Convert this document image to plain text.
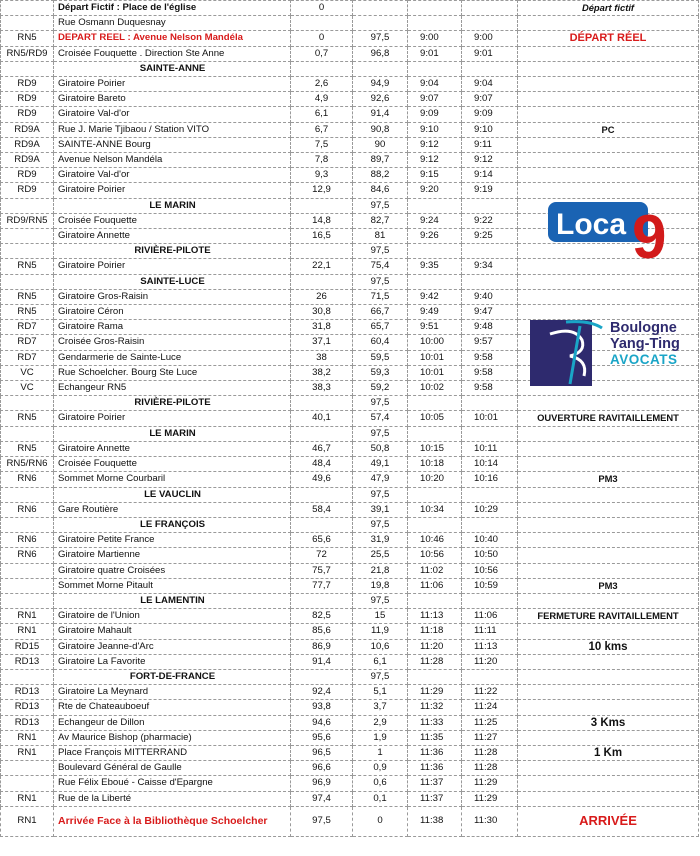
	Départ Fictif : Place de l'église	0				Départ fictif
	Rue Osmann Duquesnay					
RN5	DEPART REEL : Avenue Nelson Mandéla	0	97,5	9:00	9:00	DÉPART RÉEL
RN5/RD9	Croisée Fouquette . Direction Ste Anne	0,7	96,8	9:01	9:01	
	SAINTE-ANNE					
RD9	Giratoire Poirier	2,6	94,9	9:04	9:04	
RD9	Giratoire Bareto	4,9	92,6	9:07	9:07	
RD9	Giratoire Val-d'or	6,1	91,4	9:09	9:09	
RD9A	Rue J. Marie Tjibaou / Station VITO	6,7	90,8	9:10	9:10	PC
RD9A	SAINTE-ANNE Bourg	7,5	90	9:12	9:11	
RD9A	Avenue Nelson Mandéla	7,8	89,7	9:12	9:12	
RD9	Giratoire Val-d'or	9,3	88,2	9:15	9:14	
RD9	Giratoire Poirier	12,9	84,6	9:20	9:19	
	LE MARIN		97,5			
RD9/RN5	Croisée Fouquette	14,8	82,7	9:24	9:22	
	Giratoire Annette	16,5	81	9:26	9:25	
	RIVIÈRE-PILOTE		97,5			
RN5	Giratoire Poirier	22,1	75,4	9:35	9:34	
	SAINTE-LUCE		97,5			
RN5	Giratoire Gros-Raisin	26	71,5	9:42	9:40	
RN5	Giratoire Céron	30,8	66,7	9:49	9:47	
RD7	Giratoire Rama	31,8	65,7	9:51	9:48	
RD7	Croisée Gros-Raisin	37,1	60,4	10:00	9:57	
RD7	Gendarmerie de Sainte-Luce	38	59,5	10:01	9:58	
VC	Rue Schoelcher. Bourg Ste Luce	38,2	59,3	10:01	9:58	
VC	Echangeur RN5	38,3	59,2	10:02	9:58	
	RIVIÈRE-PILOTE		97,5			
RN5	Giratoire Poirier	40,1	57,4	10:05	10:01	OUVERTURE RAVITAILLEMENT
	LE MARIN		97,5			
RN5	Giratoire Annette	46,7	50,8	10:15	10:11	
RN5/RN6	Croisée Fouquette	48,4	49,1	10:18	10:14	
RN6	Sommet Morne Courbaril	49,6	47,9	10:20	10:16	PM3
	LE VAUCLIN		97,5			
RN6	Gare Routière	58,4	39,1	10:34	10:29	
	LE FRANÇOIS		97,5			
RN6	Giratoire Petite France	65,6	31,9	10:46	10:40	
RN6	Giratoire Martienne	72	25,5	10:56	10:50	
	Giratoire quatre Croisées	75,7	21,8	11:02	10:56	
	Sommet Morne Pitault	77,7	19,8	11:06	10:59	PM3
	LE LAMENTIN		97,5			
RN1	Giratoire de l'Union	82,5	15	11:13	11:06	FERMETURE RAVITAILLEMENT
RN1	Giratoire Mahault	85,6	11,9	11:18	11:11	
RD15	Giratoire Jeanne-d'Arc	86,9	10,6	11:20	11:13	10 kms
RD13	Giratoire La Favorite	91,4	6,1	11:28	11:20	
	FORT-DE-FRANCE		97,5			
RD13	Giratoire La Meynard	92,4	5,1	11:29	11:22	
RD13	Rte de Chateauboeuf	93,8	3,7	11:32	11:24	
RD13	Echangeur de Dillon	94,6	2,9	11:33	11:25	3 Kms
RN1	Av Maurice Bishop (pharmacie)	95,6	1,9	11:35	11:27	
RN1	Place François MITTERRAND	96,5	1	11:36	11:28	1 Km
	Boulevard Général de Gaulle	96,6	0,9	11:36	11:28	
	Rue Félix Eboué - Caisse d'Epargne	96,9	0,6	11:37	11:29	
RN1	Rue de la Liberté	97,4	0,1	11:37	11:29	
RN1	Arrivée Face à la Bibliothèque Schoelcher	97,5	0	11:38	11:30	ARRIVÉE
Loca 9
Boulogne
Yang-Ting
AVOCATS
